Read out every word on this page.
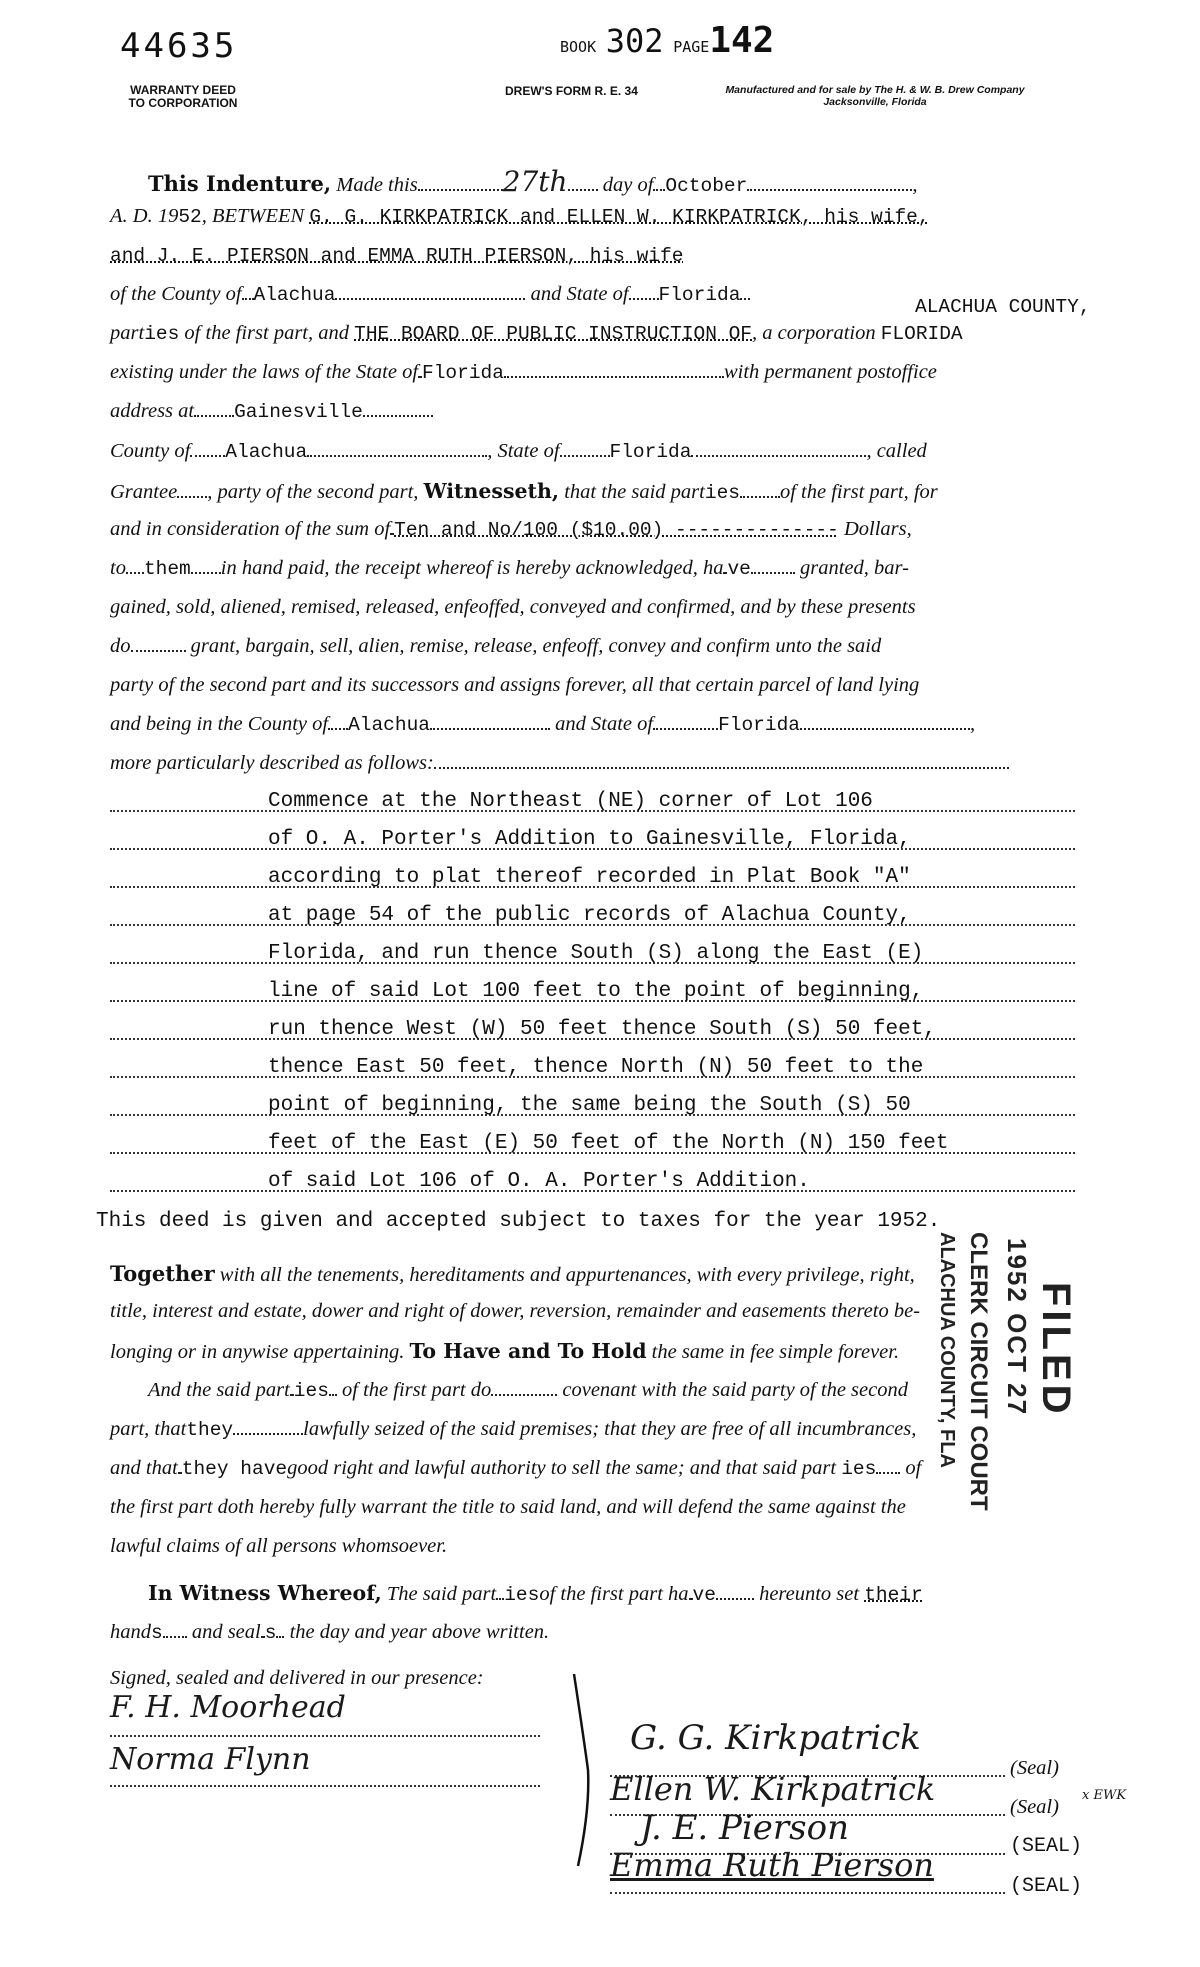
44635
WARRANTY DEED
TO CORPORATION
BOOK 302 PAGE142
DREW'S FORM R. E. 34	Manufactured and for sale by The H. & W. B. Drew Company
Jacksonville, Florida
This Indenture, Made this	27th day of October	,
A. D. 1952, BETWEEN G. G. KIRKPATRICK and ELLEN W. KIRKPATRICK, his wife,
and J. E. PIERSON and EMMA RUTH PIERSON, his wife
of the County of Alachua	and State of Florida
ALACHUA COUNTY,
parties of the first part, and THE BOARD OF PUBLIC INSTRUCTION OF, a corporation FLORIDA
existing under the laws of the State of Florida	with permanent postoffice
address at Gainesville
County of Alachua	, State of	Florida	, called
Grantee , party of the second part, Witnesseth, that the said parties of the first part, for
and in consideration of the sum of Ten and No/100 ($10.00) -------------- Dollars,
to them in hand paid, the receipt whereof is hereby acknowledged, ha ve granted, bar-
gained, sold, aliened, remised, released, enfeoffed, conveyed and confirmed, and by these presents
do	grant, bargain, sell, alien, remise, release, enfeoff, convey and confirm unto the said
party of the second part and its successors and assigns forever, all that certain parcel of land lying
and being in the County of Alachua	and State of	Florida	,
more particularly described as follows:
Commence at the Northeast (NE) corner of Lot 106
of O. A. Porter's Addition to Gainesville, Florida,
according to plat thereof recorded in Plat Book "A"
at page 54 of the public records of Alachua County,
Florida, and run thence South (S) along the East (E)
line of said Lot 100 feet to the point of beginning,
run thence West (W) 50 feet thence South (S) 50 feet,
thence East 50 feet, thence North (N) 50 feet to the
point of beginning, the same being the South (S) 50
feet of the East (E) 50 feet of the North (N) 150 feet
of said Lot 106 of O. A. Porter's Addition.
This deed is given and accepted subject to taxes for the year 1952.
Together with all the tenements, hereditaments and appurtenances, with every privilege, right,
title, interest and estate, dower and right of dower, reversion, remainder and easements thereto be-
longing or in anywise appertaining. To Have and To Hold the same in fee simple forever.
And the said part ies of the first part do	covenant with the said party of the second
part, thatthey	lawfully seized of the said premises; that they are free of all incumbrances,
and that they havegood right and lawful authority to sell the same; and that said part ies of
the first part doth hereby fully warrant the title to said land, and will defend the same against the
lawful claims of all persons whomsoever.
In Witness Whereof, The said part iesof the first part ha ve hereunto set their
hands and seal s the day and year above written.
Signed, sealed and delivered in our presence:
F. H. Moorhead
Norma Flynn
G. G. Kirkpatrick
(Seal)
Ellen W. Kirkpatrick	(Seal)
x EWK
J. E. Pierson	(SEAL)
Emma Ruth Pierson
(SEAL)
FILED
1952 OCT 27
CLERK CIRCUIT COURT
ALACHUA COUNTY, FLA
